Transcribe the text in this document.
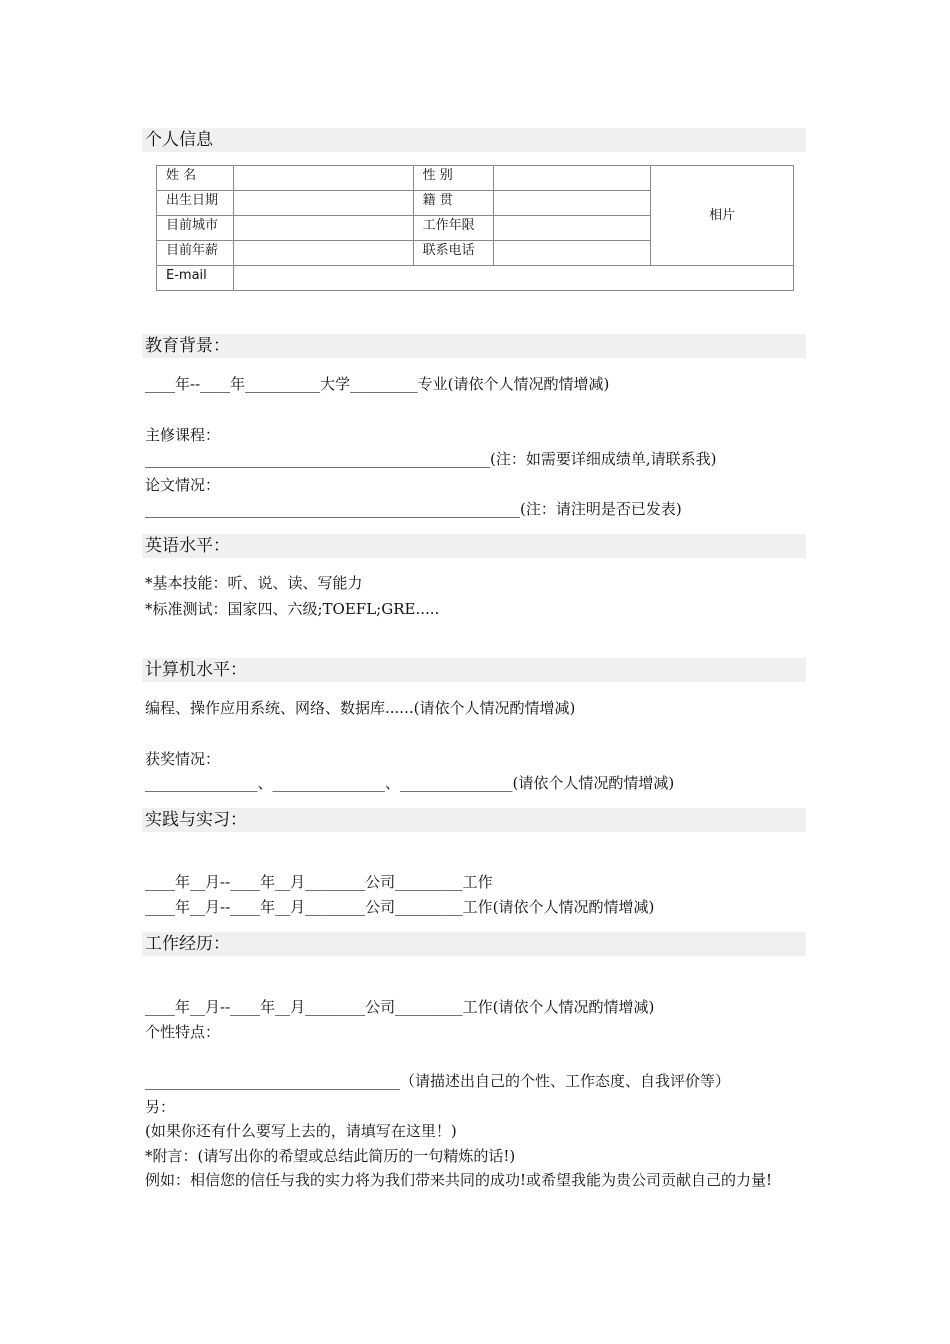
个人信息
姓 名		性 别		相片
出生日期		籍 贯		
目前城市		工作年限		
目前年薪		联系电话		
E-mail				
教育背景：
____年--____年__________大学_________专业(请依个人情况酌情增减)
主修课程：
______________________________________________(注：如需要详细成绩单,请联系我)
论文情况：
__________________________________________________(注：请注明是否已发表)
英语水平：
*基本技能：听、说、读、写能力
*标准测试：国家四、六级;TOEFL;GRE.....
计算机水平：
编程、操作应用系统、网络、数据库......(请依个人情况酌情增减)
获奖情况：
_______________、_______________、_______________(请依个人情况酌情增减)
实践与实习：
____年__月--____年__月________公司_________工作
____年__月--____年__月________公司_________工作(请依个人情况酌情增减)
工作经历：
____年__月--____年__月________公司_________工作(请依个人情况酌情增减)
个性特点：
__________________________________（请描述出自己的个性、工作态度、自我评价等）
另：
(如果你还有什么要写上去的，请填写在这里！)
*附言：(请写出你的希望或总结此简历的一句精炼的话!)
例如：相信您的信任与我的实力将为我们带来共同的成功!或希望我能为贵公司贡献自己的力量!
